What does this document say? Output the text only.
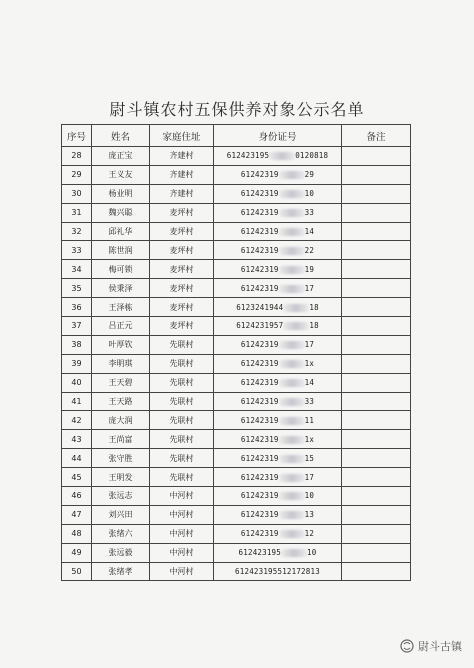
尉斗镇农村五保供养对象公示名单
序号	姓名	家庭住址	身份证号	备注
28	庞正宝	齐建村	612423195 0120818	
29	王义友	齐建村	61242319 29	
30	杨业明	齐建村	61242319 10	
31	魏兴聪	麦坪村	61242319 33	
32	邱礼华	麦坪村	61242319 14	
33	陈世润	麦坪村	61242319 22	
34	梅可锁	麦坪村	61242319 19	
35	侯秉泽	麦坪村	61242319 17	
36	王泽栋	麦坪村	6123241944 18	
37	吕正元	麦坪村	6124231957 18	
38	叶厚钦	先联村	61242319 17	
39	李明琪	先联村	61242319 1x	
40	王天碧	先联村	61242319 14	
41	王天路	先联村	61242319 33	
42	庞大润	先联村	61242319 11	
43	王尚富	先联村	61242319 1x	
44	张守胜	先联村	61242319 15	
45	王明发	先联村	61242319 17	
46	张远志	中河村	61242319 10	
47	刘兴田	中河村	61242319 13	
48	张绪六	中河村	61242319 12	
49	张远毅	中河村	612423195 10	
50	张绪孝	中河村	612423195512172813	
尉斗古镇
